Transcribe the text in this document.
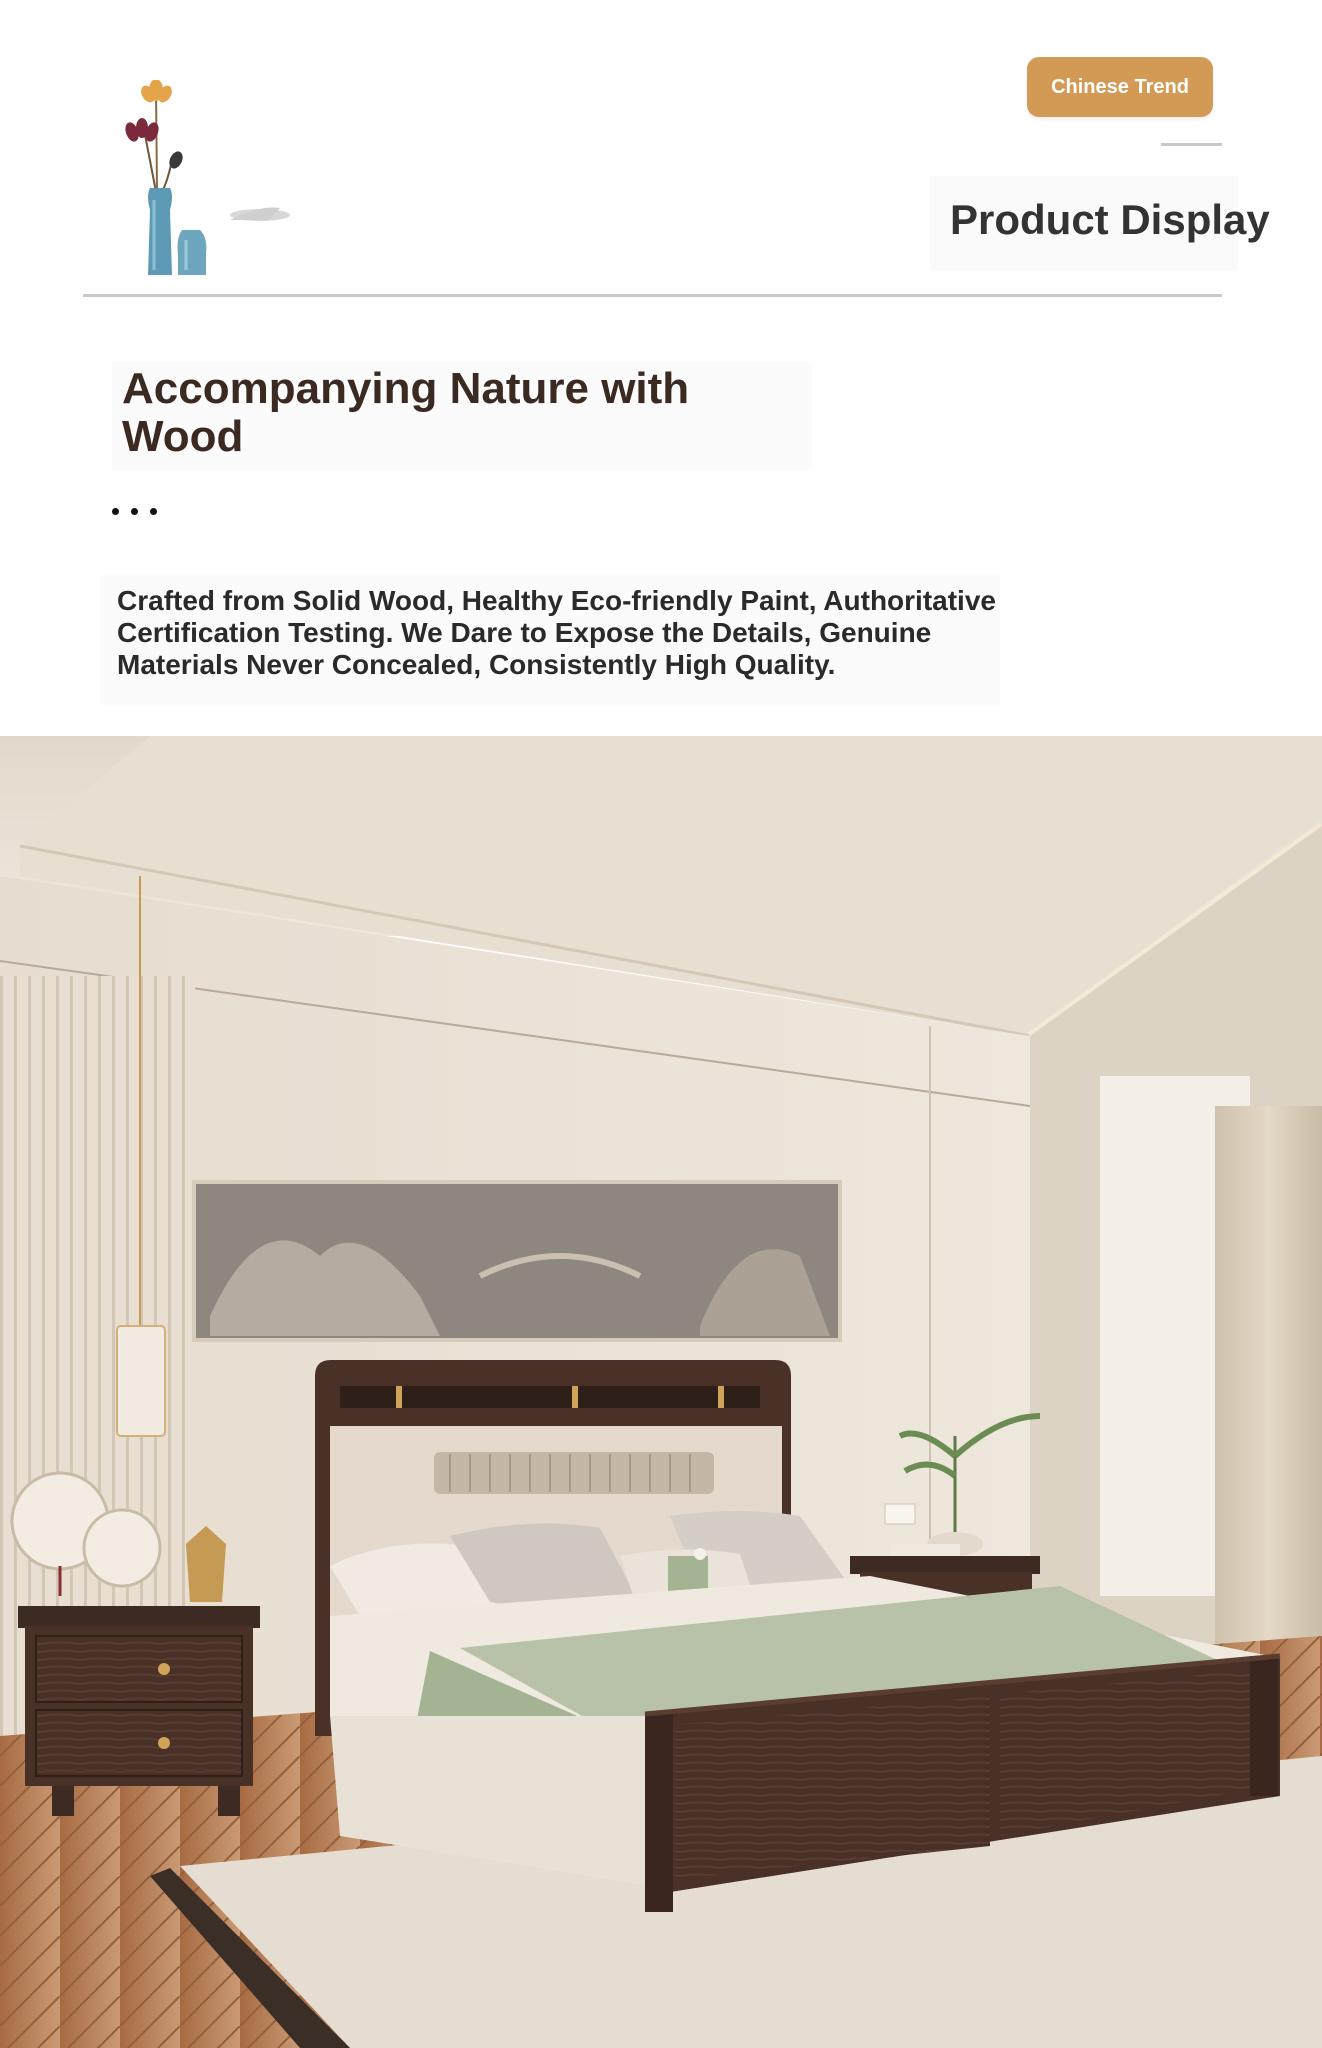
Chinese Trend
Product Display
Accompanying Nature with Wood
Crafted from Solid Wood, Healthy Eco-friendly Paint, Authoritative Certification Testing. We Dare to Expose the Details, Genuine Materials Never Concealed, Consistently High Quality.
